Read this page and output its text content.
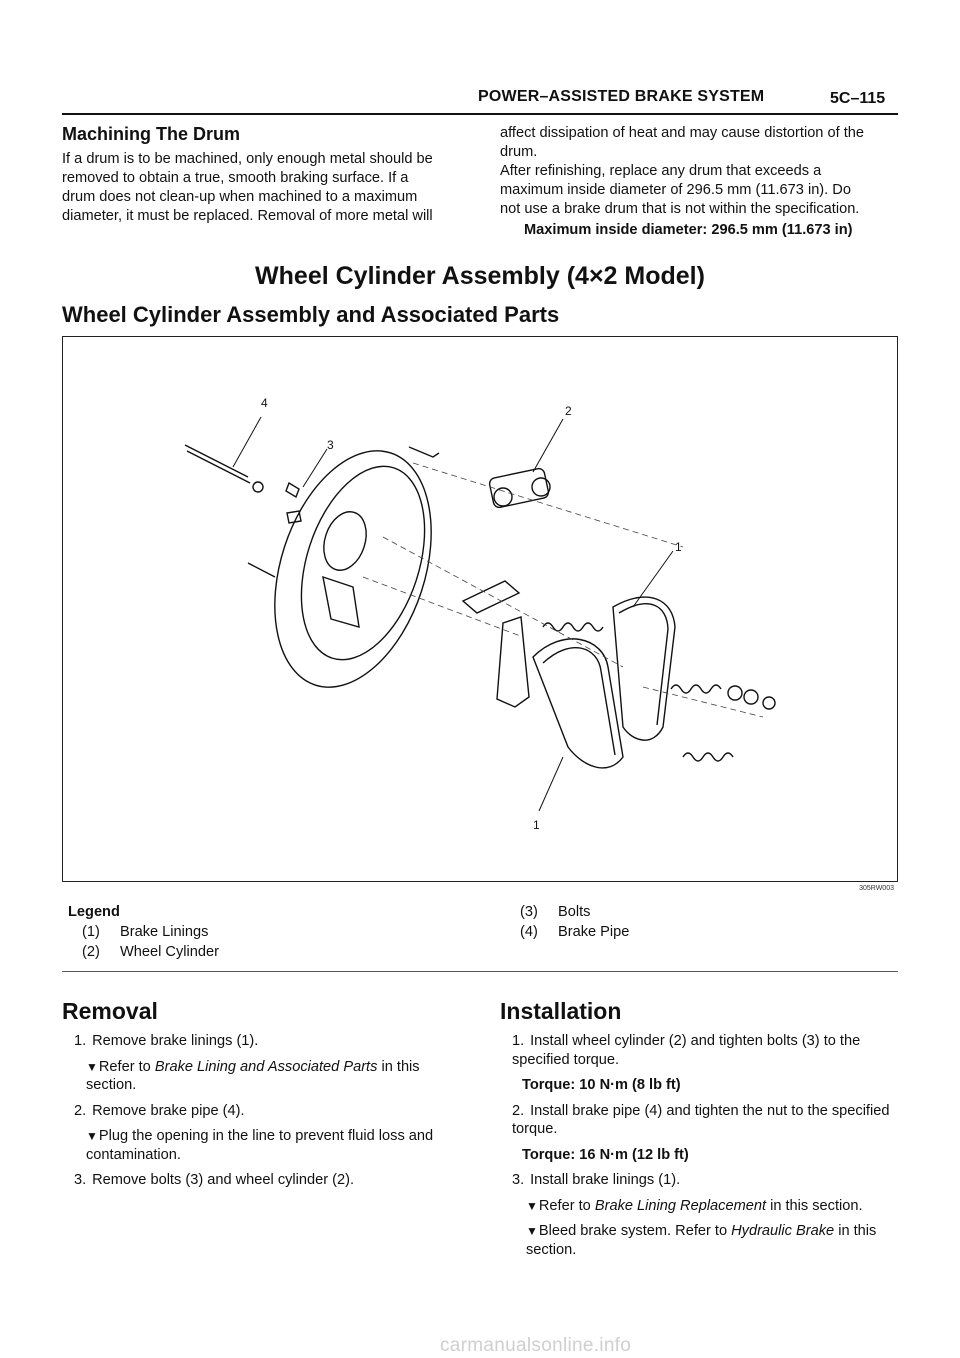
POWER–ASSISTED BRAKE SYSTEM	5C–115
Machining The Drum
If a drum is to be machined, only enough metal should be
removed to obtain a true, smooth braking surface. If a
drum does not clean-up when machined to a maximum
diameter, it must be replaced. Removal of more metal will
affect dissipation of heat and may cause distortion of the
drum.
After refinishing, replace any drum that exceeds a
maximum inside diameter of 296.5 mm (11.673 in). Do
not use a brake drum that is not within the specification.
Maximum inside diameter: 296.5 mm (11.673 in)
Wheel Cylinder Assembly (4×2 Model)
Wheel Cylinder Assembly and Associated Parts
4
2
3
1
1
305RW003
Legend
(1) Brake Linings
(2) Wheel Cylinder
(3) Bolts
(4) Brake Pipe
Removal
1. Remove brake linings (1).
▼Refer to Brake Lining and Associated Parts in this section.
2. Remove brake pipe (4).
▼Plug the opening in the line to prevent fluid loss and contamination.
3. Remove bolts (3) and wheel cylinder (2).
Installation
1. Install wheel cylinder (2) and tighten bolts (3) to the specified torque.
Torque: 10 N·m (8 lb ft)
2. Install brake pipe (4) and tighten the nut to the specified torque.
Torque: 16 N·m (12 lb ft)
3. Install brake linings (1).
▼Refer to Brake Lining Replacement in this section.
▼Bleed brake system. Refer to Hydraulic Brake in this section.
carmanualsonline.info
